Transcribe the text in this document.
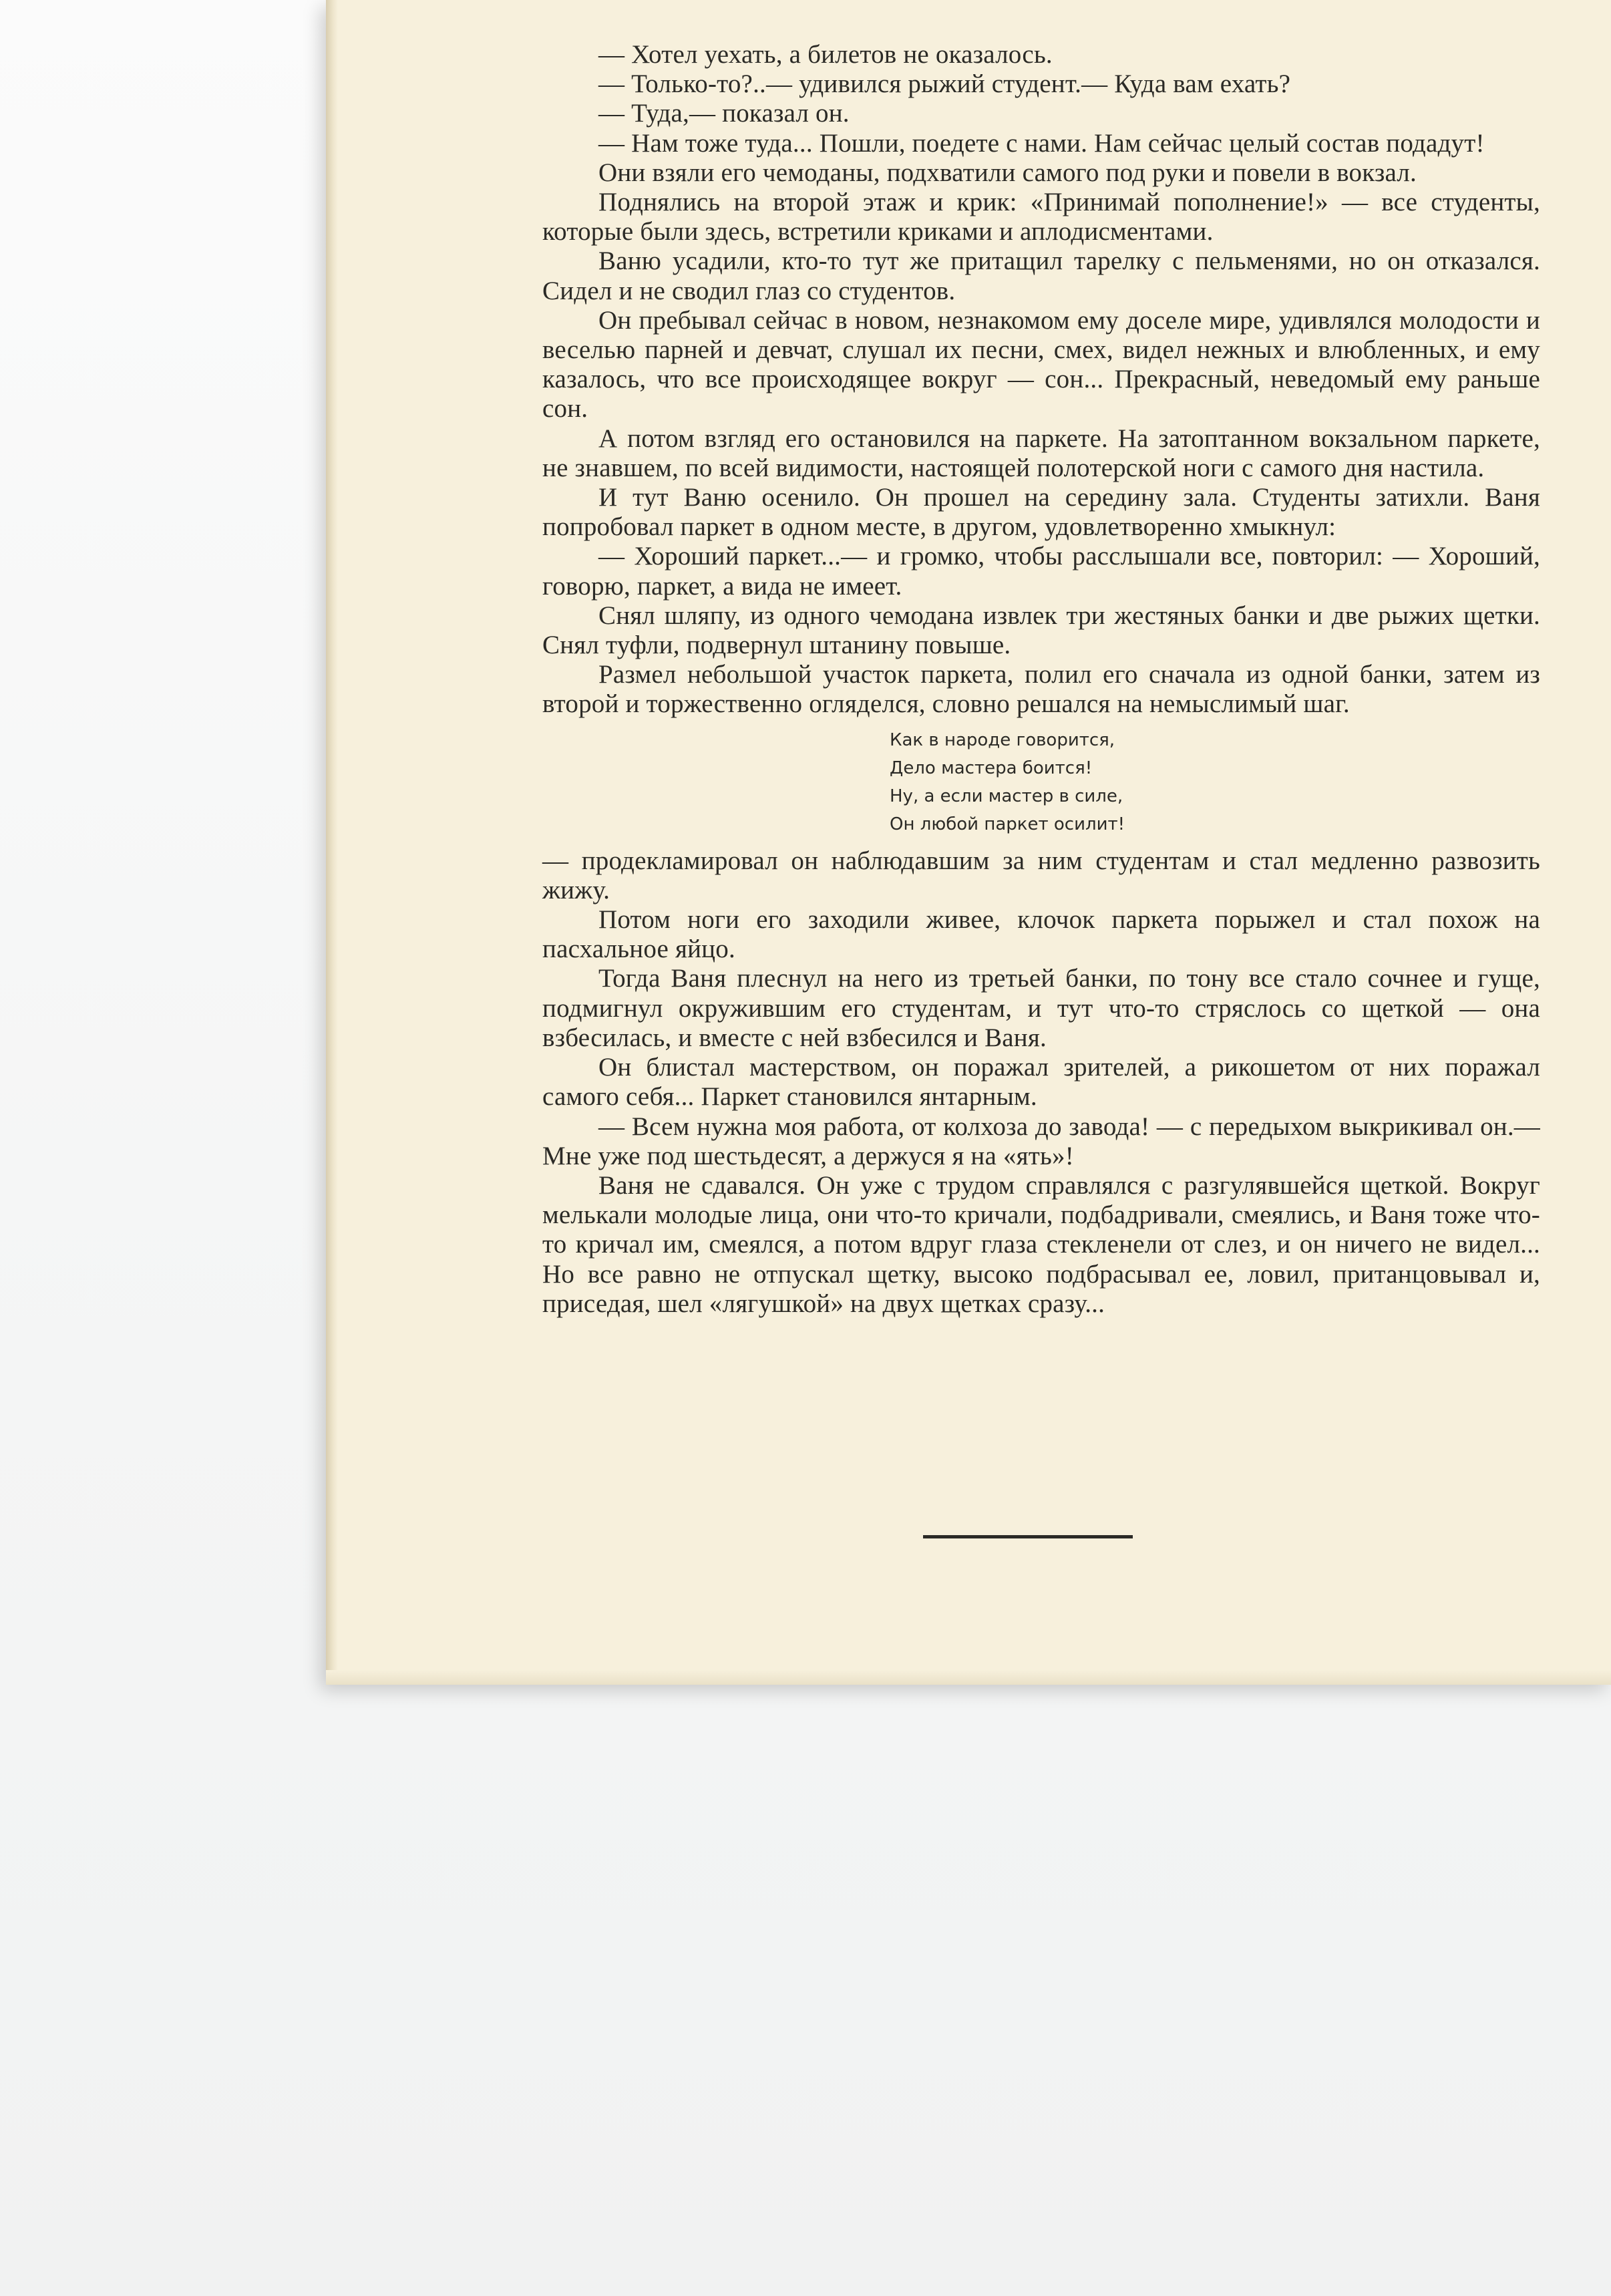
— Хотел уехать, а билетов не оказалось.

— Только-то?..— удивился рыжий студент.— Куда вам ехать?

— Туда,— показал он.

— Нам тоже туда... Пошли, поедете с нами. Нам сейчас целый состав подадут!

Они взяли его чемоданы, подхватили самого под руки и повели в вокзал.

Поднялись на второй этаж и крик: «Принимай пополнение!» — все студенты, которые были здесь, встретили криками и аплодисментами.

Ваню усадили, кто-то тут же притащил тарелку с пельменями, но он отказался. Сидел и не сводил глаз со студентов.

Он пребывал сейчас в новом, незнакомом ему доселе мире, удивлялся молодости и веселью парней и девчат, слушал их песни, смех, видел нежных и влюбленных, и ему казалось, что все происходящее вокруг — сон... Прекрасный, неведомый ему раньше сон.

А потом взгляд его остановился на паркете. На затоптанном вокзальном паркете, не знавшем, по всей видимости, настоящей полотерской ноги с самого дня настила.

И тут Ваню осенило. Он прошел на середину зала. Студенты затихли. Ваня попробовал паркет в одном месте, в другом, удовлетворенно хмыкнул:

— Хороший паркет...— и громко, чтобы расслышали все, повторил: — Хороший, говорю, паркет, а вида не имеет.

Снял шляпу, из одного чемодана извлек три жестяных банки и две рыжих щетки. Снял туфли, подвернул штанину повыше.

Размел небольшой участок паркета, полил его сначала из одной банки, затем из второй и торжественно огляделся, словно решался на немыслимый шаг.

Как в народе говорится,
Дело мастера боится!
Ну, а если мастер в силе,
Он любой паркет осилит!

— продекламировал он наблюдавшим за ним студентам и стал медленно развозить жижу.

Потом ноги его заходили живее, клочок паркета порыжел и стал похож на пасхальное яйцо.

Тогда Ваня плеснул на него из третьей банки, по тону все стало сочнее и гуще, подмигнул окружившим его студентам, и тут что-то стряслось со щеткой — она взбесилась, и вместе с ней взбесился и Ваня.

Он блистал мастерством, он поражал зрителей, а рикошетом от них поражал самого себя... Паркет становился янтарным.

— Всем нужна моя работа, от колхоза до завода! — с передыхом выкрикивал он.— Мне уже под шестьдесят, а держуся я на «ять»!

Ваня не сдавался. Он уже с трудом справлялся с разгулявшейся щеткой. Вокруг мелькали молодые лица, они что-то кричали, подбадривали, смеялись, и Ваня тоже что-то кричал им, смеялся, а потом вдруг глаза стекленели от слез, и он ничего не видел... Но все равно не отпускал щетку, высоко подбрасывал ее, ловил, пританцовывал и, приседая, шел «лягушкой» на двух щетках сразу...
